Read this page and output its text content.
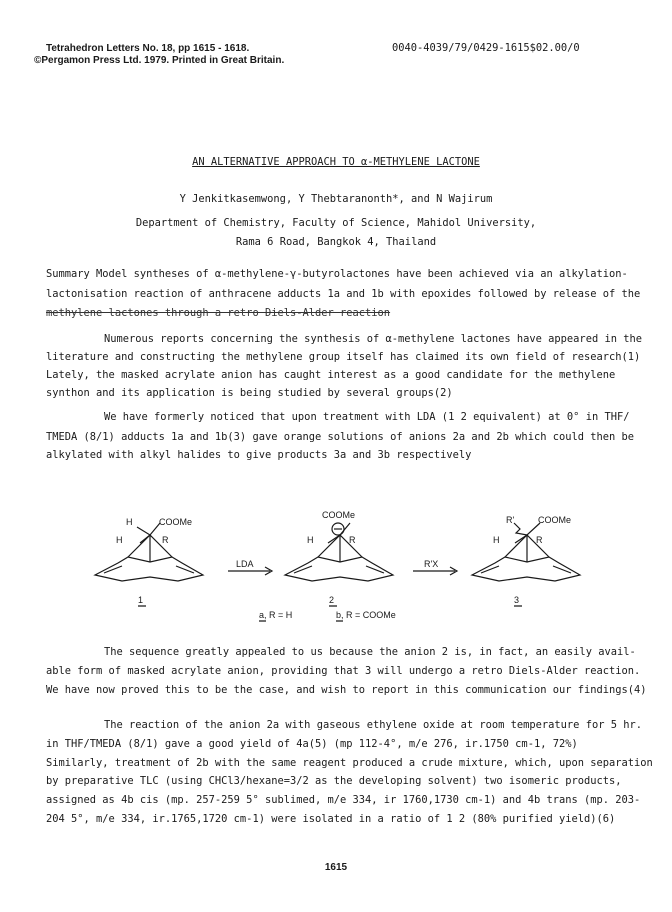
Tetrahedron Letters No. 18, pp 1615 - 1618.
©Pergamon Press Ltd. 1979. Printed in Great Britain.
0040-4039/79/0429-1615$02.00/0
AN ALTERNATIVE APPROACH TO α-METHYLENE LACTONE
Y Jenkitkasemwong, Y Thebtaranonth*, and N Wajirum
Department of Chemistry, Faculty of Science, Mahidol University,
Rama 6 Road, Bangkok 4, Thailand

Summary Model syntheses of α-methylene-γ-butyrolactones have been achieved via an alkylation-

lactonisation reaction of anthracene adducts 1a and 1b with epoxides followed by release of the

methylene lactones through a retro Diels-Alder reaction

Numerous reports concerning the synthesis of α-methylene lactones have appeared in the

literature and constructing the methylene group itself has claimed its own field of research(1)

Lately, the masked acrylate anion has caught interest as a good candidate for the methylene

synthon and its application is being studied by several groups(2)

We have formerly noticed that upon treatment with LDA (1 2 equivalent) at 0° in THF/

TMEDA (8/1) adducts 1a and 1b(3) gave orange solutions of anions 2a and 2b which could then be

alkylated with alkyl halides to give products 3a and 3b respectively

H	COOMe
H	R
1
COOMe
H	R
2
R'	COOMe
H	R
3
LDA	R'X
a, R = H	b, R = COOMe

The sequence greatly appealed to us because the anion 2 is, in fact, an easily avail-

able form of masked acrylate anion, providing that 3 will undergo a retro Diels-Alder reaction.

We have now proved this to be the case, and wish to report in this communication our findings(4)

The reaction of the anion 2a with gaseous ethylene oxide at room temperature for 5 hr.

in THF/TMEDA (8/1) gave a good yield of 4a(5) (mp 112-4°, m/e 276, ir.1750 cm-1, 72%)

Similarly, treatment of 2b with the same reagent produced a crude mixture, which, upon separation

by preparative TLC (using CHCl3/hexane=3/2 as the developing solvent) two isomeric products,

assigned as 4b cis (mp. 257-259 5° sublimed, m/e 334, ir 1760,1730 cm-1) and 4b trans (mp. 203-

204 5°, m/e 334, ir.1765,1720 cm-1) were isolated in a ratio of 1 2 (80% purified yield)(6)

1615
